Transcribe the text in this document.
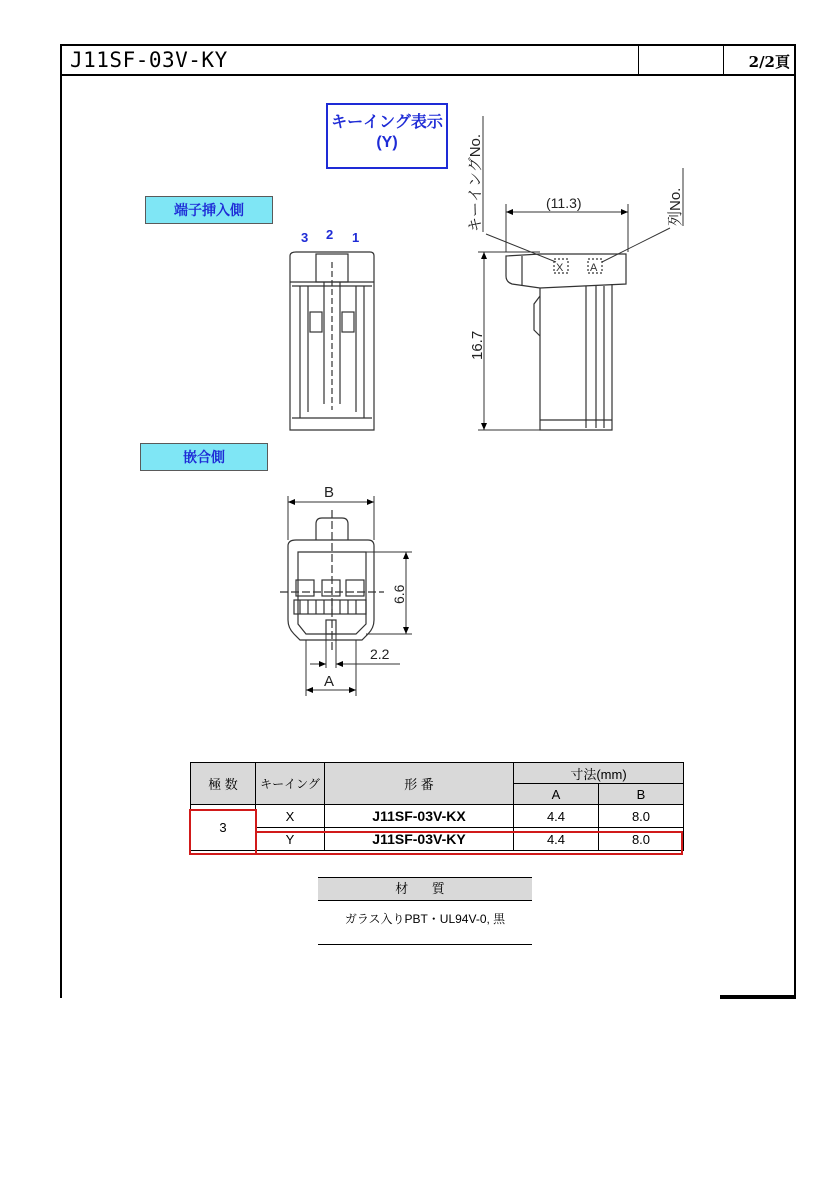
J11SF-03V-KY	2/2頁
キーイング表示
(Y)
端子挿入側
嵌合側
3 2 1
X A
キーイングNo.	列No.
(11.3)
16.7
B
6.6
2.2
A
極 数	キーイング	形 番	寸法(mm)	
			A	B
3	X	J11SF-03V-KX	4.4	8.0
	Y	J11SF-03V-KY	4.4	8.0
材 質
ガラス入りPBT・UL94V-0, 黒
